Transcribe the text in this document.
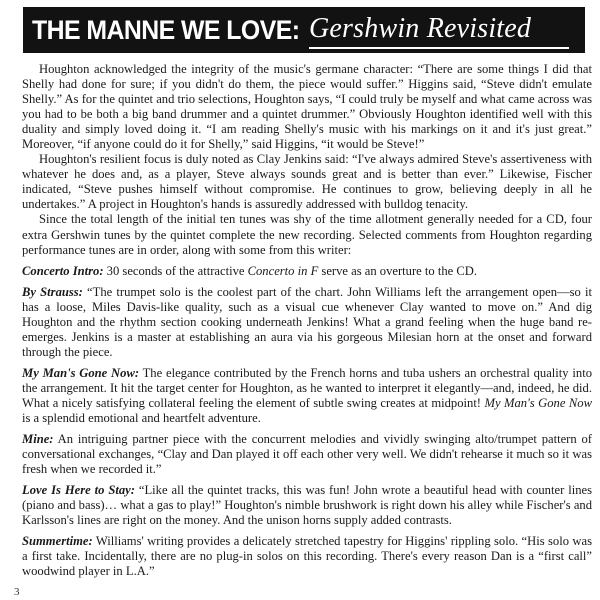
THE MANNE WE LOVE: Gershwin Revisited

Houghton acknowledged the integrity of the music's germane character: “There are some things I did that Shelly had done for sure; if you didn't do them, the piece would suffer.” Higgins said, “Steve didn't emulate Shelly.” As for the quintet and trio selections, Houghton says, “I could truly be myself and what came across was you had to be both a big band drummer and a quintet drummer.” Obviously Houghton identified well with this duality and simply loved doing it. “I am reading Shelly's music with his markings on it and it's just great.” Moreover, “if anyone could do it for Shelly,” said Higgins, “it would be Steve!”

Houghton's resilient focus is duly noted as Clay Jenkins said: “I've always admired Steve's assertiveness with whatever he does and, as a player, Steve always sounds great and is better than ever.” Likewise, Fischer indicated, “Steve pushes himself without compromise. He continues to grow, believing deeply in all he undertakes.” A project in Houghton's hands is assuredly addressed with bulldog tenacity.

Since the total length of the initial ten tunes was shy of the time allotment generally needed for a CD, four extra Gershwin tunes by the quintet complete the new recording. Selected comments from Houghton regarding performance tunes are in order, along with some from this writer:

Concerto Intro: 30 seconds of the attractive Concerto in F serve as an overture to the CD.

By Strauss: “The trumpet solo is the coolest part of the chart. John Williams left the arrangement open—so it has a loose, Miles Davis-like quality, such as a visual cue whenever Clay wanted to move on.” And dig Houghton and the rhythm section cooking underneath Jenkins! What a grand feeling when the huge band re-emerges. Jenkins is a master at establishing an aura via his gorgeous Milesian horn at the onset and forward through the piece.

My Man's Gone Now: The elegance contributed by the French horns and tuba ushers an orchestral quality into the arrangement. It hit the target center for Houghton, as he wanted to interpret it elegantly—and, indeed, he did. What a nicely satisfying collateral feeling the element of subtle swing creates at midpoint! My Man's Gone Now is a splendid emotional and heartfelt adventure.

Mine: An intriguing partner piece with the concurrent melodies and vividly swinging alto/trumpet pattern of conversational exchanges, “Clay and Dan played it off each other very well. We didn't rehearse it much so it was fresh when we recorded it.”

Love Is Here to Stay: “Like all the quintet tracks, this was fun! John wrote a beautiful head with counter lines (piano and bass)… what a gas to play!” Houghton's nimble brushwork is right down his alley while Fischer's and Karlsson's lines are right on the money. And the unison horns supply added contrasts.

Summertime: Williams' writing provides a delicately stretched tapestry for Higgins' rippling solo. “His solo was a first take. Incidentally, there are no plug-in solos on this recording. There's every reason Dan is a “first call” woodwind player in L.A.”

3
